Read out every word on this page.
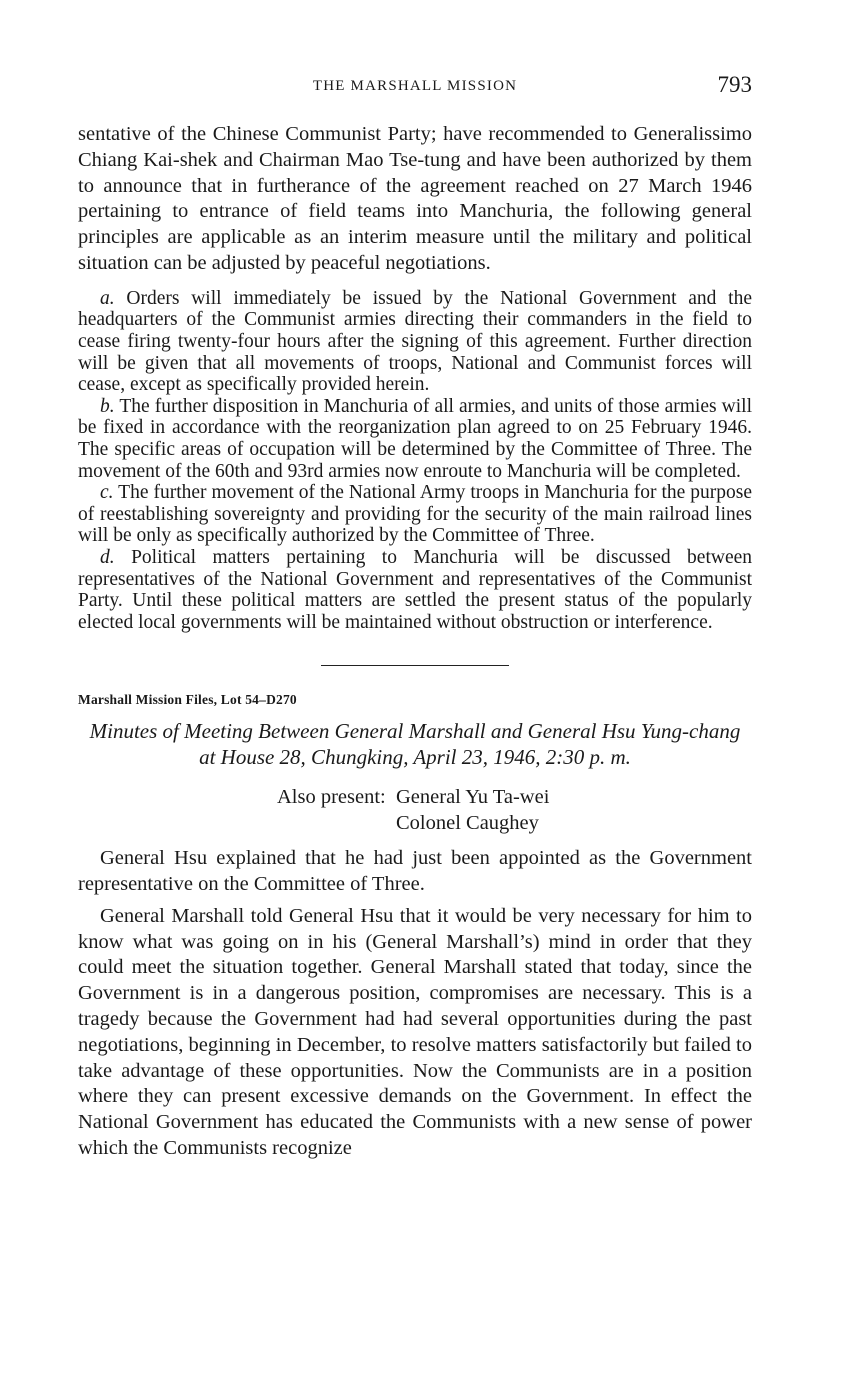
THE MARSHALL MISSION	793

sentative of the Chinese Communist Party; have recommended to Generalissimo Chiang Kai-shek and Chairman Mao Tse-tung and have been authorized by them to announce that in furtherance of the agreement reached on 27 March 1946 pertaining to entrance of field teams into Manchuria, the following general principles are applicable as an interim measure until the military and political situation can be adjusted by peaceful negotiations.

a. Orders will immediately be issued by the National Government and the headquarters of the Communist armies directing their commanders in the field to cease firing twenty-four hours after the signing of this agreement. Further direction will be given that all movements of troops, National and Communist forces will cease, except as specifically provided herein.

b. The further disposition in Manchuria of all armies, and units of those armies will be fixed in accordance with the reorganization plan agreed to on 25 February 1946. The specific areas of occupation will be determined by the Committee of Three. The movement of the 60th and 93rd armies now enroute to Manchuria will be completed.

c. The further movement of the National Army troops in Manchuria for the purpose of reestablishing sovereignty and providing for the security of the main railroad lines will be only as specifically authorized by the Committee of Three.

d. Political matters pertaining to Manchuria will be discussed between representatives of the National Government and representatives of the Communist Party. Until these political matters are settled the present status of the popularly elected local governments will be maintained without obstruction or interference.

Marshall Mission Files, Lot 54–D270
Minutes of Meeting Between General Marshall and General Hsu Yung-chang at House 28, Chungking, April 23, 1946, 2:30 p. m.
Also present: General Yu Ta-wei
Colonel Caughey

General Hsu explained that he had just been appointed as the Government representative on the Committee of Three.

General Marshall told General Hsu that it would be very necessary for him to know what was going on in his (General Marshall’s) mind in order that they could meet the situation together. General Marshall stated that today, since the Government is in a dangerous position, compromises are necessary. This is a tragedy because the Government had had several opportunities during the past negotiations, beginning in December, to resolve matters satisfactorily but failed to take advantage of these opportunities. Now the Communists are in a position where they can present excessive demands on the Government. In effect the National Government has educated the Communists with a new sense of power which the Communists recognize
